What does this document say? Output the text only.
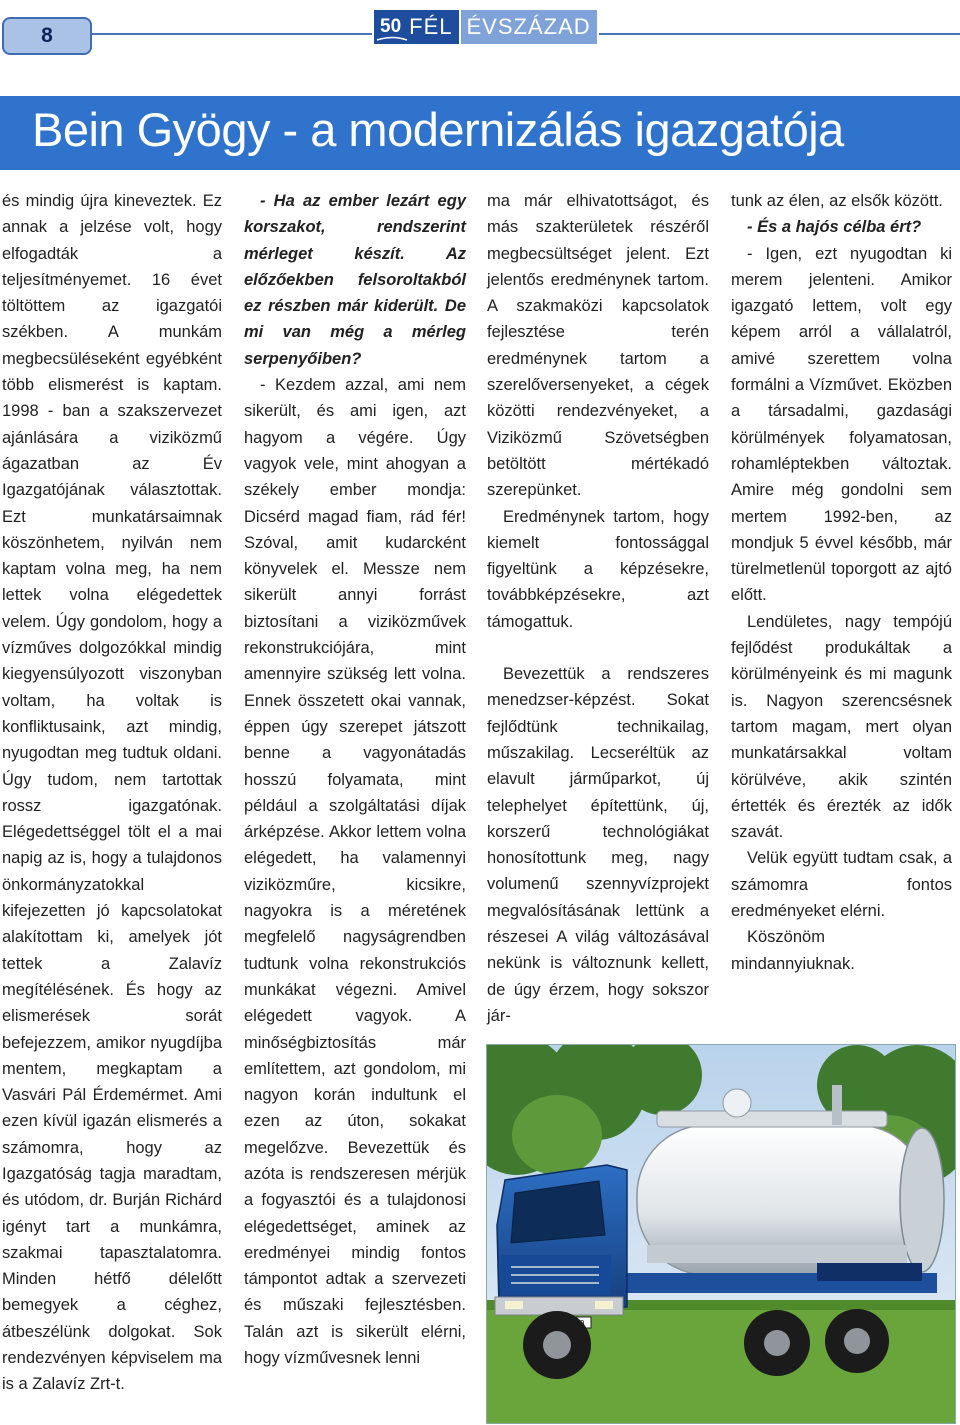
8	50 FÉL ÉVSZÁZAD
Bein Gyögy - a modernizálás igazgatója

és mindig újra kineveztek. Ez annak a jelzése volt, hogy elfogadták a teljesítményemet. 16 évet töltöttem az igazgatói székben. A munkám megbecsüléseként egyébként több elismerést is kaptam. 1998 - ban a szakszervezet ajánlására a viziközmű ágazatban az Év Igazgatójának választottak. Ezt munkatársaimnak köszönhetem, nyilván nem kaptam volna meg, ha nem lettek volna elégedettek velem. Úgy gondolom, hogy a vízműves dolgozókkal mindig kiegyensúlyozott viszonyban voltam, ha voltak is konfliktusaink, azt mindig, nyugodtan meg tudtuk oldani. Úgy tudom, nem tartottak rossz igazgatónak. Elégedettséggel tölt el a mai napig az is, hogy a tulajdonos önkormányzatokkal kifejezetten jó kapcsolatokat alakítottam ki, amelyek jót tettek a Zalavíz megítélésének. És hogy az elismerések sorát befejezzem, amikor nyugdíjba mentem, megkaptam a Vasvári Pál Érdemérmet. Ami ezen kívül igazán elismerés a számomra, hogy az Igazgatóság tagja maradtam, és utódom, dr. Burján Richárd igényt tart a munkámra, szakmai tapasztalatomra. Minden hétfő délelőtt bemegyek a céghez, átbeszélünk dolgokat. Sok rendezvényen képviselem ma is a Zalavíz Zrt-t.

- Ha az ember lezárt egy korszakot, rendszerint mérleget készít. Az előzőekben felsoroltakból ez részben már kiderült. De mi van még a mérleg serpenyőiben?

- Kezdem azzal, ami nem sikerült, és ami igen, azt hagyom a végére. Úgy vagyok vele, mint ahogyan a székely ember mondja: Dicsérd magad fiam, rád fér! Szóval, amit kudarcként könyvelek el. Messze nem sikerült annyi forrást biztosítani a viziközművek rekonstrukciójára, mint amennyire szükség lett volna. Ennek összetett okai vannak, éppen úgy szerepet játszott benne a vagyonátadás hosszú folyamata, mint például a szolgáltatási díjak árképzése. Akkor lettem volna elégedett, ha valamennyi viziközműre, kicsikre, nagyokra is a méretének megfelelő nagyságrendben tudtunk volna rekonstrukciós munkákat végezni. Amivel elégedett vagyok. A minőségbiztosítás már említettem, azt gondolom, mi nagyon korán indultunk el ezen az úton, sokakat megelőzve. Bevezettük és azóta is rendszeresen mérjük a fogyasztói és a tulajdonosi elégedettséget, aminek az eredményei mindig fontos támpontot adtak a szervezeti és műszaki fejlesztésben. Talán azt is sikerült elérni, hogy vízművesnek lenni

ma már elhivatottságot, és más szakterületek részéről megbecsültséget jelent. Ezt jelentős eredménynek tartom. A szakmaközi kapcsolatok fejlesztése terén eredménynek tartom a szerelőversenyeket, a cégek közötti rendezvényeket, a Viziközmű Szövetségben betöltött mértékadó szerepünket.

Eredménynek tartom, hogy kiemelt fontossággal figyeltünk a képzésekre, továbbképzésekre, azt támogattuk.

Bevezettük a rendszeres menedzser-képzést. Sokat fejlődtünk technikailag, műszakilag. Lecseréltük az elavult járműparkot, új telephelyet építettünk, új, korszerű technológiákat honosítottunk meg, nagy volumenű szennyvízprojekt megvalósításának lettünk a részesei A világ változásával nekünk is változnunk kellett, de úgy érzem, hogy sokszor jár-

tunk az élen, az elsők között.

- És a hajós célba ért?

- Igen, ezt nyugodtan ki merem jelenteni. Amikor igazgató lettem, volt egy képem arról a vállalatról, amivé szerettem volna formálni a Vízművet. Eközben a társadalmi, gazdasági körülmények folyamatosan, rohamléptekben változtak. Amire még gondolni sem mertem 1992-ben, az mondjuk 5 évvel később, már türelmetlenül toporgott az ajtó előtt.

Lendületes, nagy tempójú fejlődést produkáltak a körülményeink és mi magunk is. Nagyon szerencsésnek tartom magam, mert olyan munkatársakkal voltam körülvéve, akik szintén értették és érezték az idők szavát.

Velük együtt tudtam csak, a számomra fontos eredményeket elérni.

Köszönöm mindannyiuknak.
